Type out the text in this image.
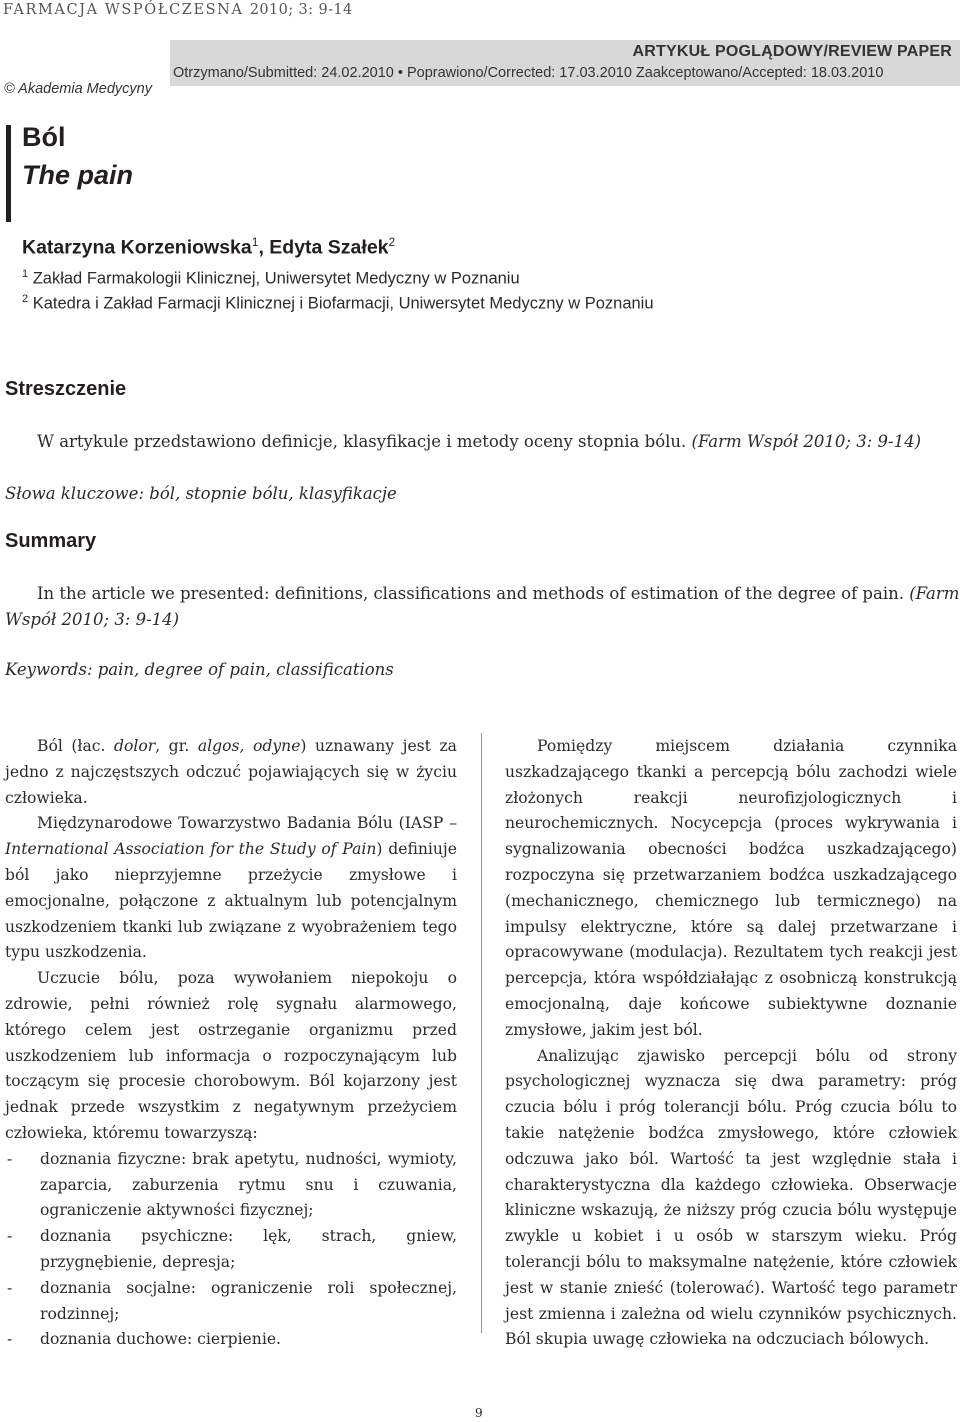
FARMACJA WSPÓŁCZESNA 2010; 3: 9-14
ARTYKUŁ POGLĄDOWY/REVIEW PAPER
Otrzymano/Submitted: 24.02.2010 • Poprawiono/Corrected: 17.03.2010 Zaakceptowano/Accepted: 18.03.2010
© Akademia Medycyny
Ból
The pain
Katarzyna Korzeniowska$^1$, Edyta Szałek$^2$
$^1$ Zakład Farmakologii Klinicznej, Uniwersytet Medyczny w Poznaniu
$^2$ Katedra i Zakład Farmacji Klinicznej i Biofarmacji, Uniwersytet Medyczny w Poznaniu
Streszczenie

W artykule przedstawiono definicje, klasyfikacje i metody oceny stopnia bólu. (Farm Współ 2010; 3: 9-14)

Słowa kluczowe: ból, stopnie bólu, klasyfikacje

Summary

In the article we presented: definitions, classifications and methods of estimation of the degree of pain. (Farm Współ 2010; 3: 9-14)

Keywords: pain, degree of pain, classifications

Ból (łac. dolor, gr. algos, odyne) uznawany jest za jedno z najczęstszych odczuć pojawiających się w życiu człowieka.

Międzynarodowe Towarzystwo Badania Bólu (IASP – International Association for the Study of Pain) definiuje ból jako nieprzyjemne przeżycie zmysłowe i emocjonalne, połączone z aktualnym lub potencjalnym uszkodzeniem tkanki lub związane z wyobrażeniem tego typu uszkodzenia.

Uczucie bólu, poza wywołaniem niepokoju o zdrowie, pełni również rolę sygnału alarmowego, którego celem jest ostrzeganie organizmu przed uszkodzeniem lub informacja o rozpoczynającym lub toczącym się procesie chorobowym. Ból kojarzony jest jednak przede wszystkim z negatywnym przeżyciem człowieka, któremu towarzyszą:

- doznania fizyczne: brak apetytu, nudności, wymioty, zaparcia, zaburzenia rytmu snu i czuwania, ograniczenie aktywności fizycznej;
- doznania psychiczne: lęk, strach, gniew, przygnębienie, depresja;
- doznania socjalne: ograniczenie roli społecznej, rodzinnej;
- doznania duchowe: cierpienie.

Pomiędzy miejscem działania czynnika uszkadzającego tkanki a percepcją bólu zachodzi wiele złożonych reakcji neurofizjologicznych i neurochemicznych. Nocycepcja (proces wykrywania i sygnalizowania obecności bodźca uszkadzającego) rozpoczyna się przetwarzaniem bodźca uszkadzającego (mechanicznego, chemicznego lub termicznego) na impulsy elektryczne, które są dalej przetwarzane i opracowywane (modulacja). Rezultatem tych reakcji jest percepcja, która współdziałając z osobniczą konstrukcją emocjonalną, daje końcowe subiektywne doznanie zmysłowe, jakim jest ból.

Analizując zjawisko percepcji bólu od strony psychologicznej wyznacza się dwa parametry: próg czucia bólu i próg tolerancji bólu. Próg czucia bólu to takie natężenie bodźca zmysłowego, które człowiek odczuwa jako ból. Wartość ta jest względnie stała i charakterystyczna dla każdego człowieka. Obserwacje kliniczne wskazują, że niższy próg czucia bólu występuje zwykle u kobiet i u osób w starszym wieku. Próg tolerancji bólu to maksymalne natężenie, które człowiek jest w stanie znieść (tolerować). Wartość tego parametr jest zmienna i zależna od wielu czynników psychicznych. Ból skupia uwagę człowieka na odczuciach bólowych.

9
